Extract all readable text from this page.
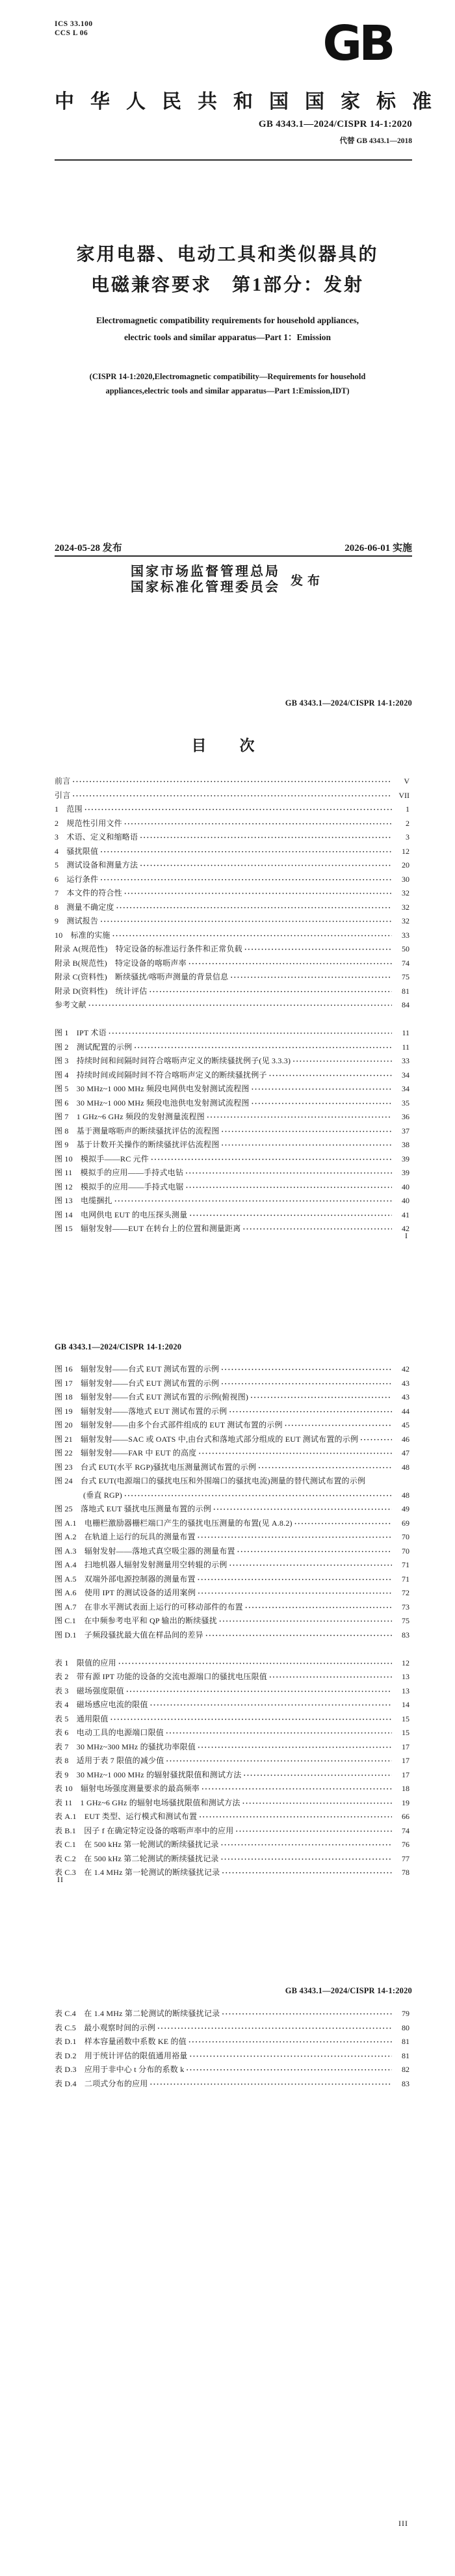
ICS 33.100
CCS L 06	GB
中华人民共和国国家标准
GB 4343.1—2024/CISPR 14-1:2020
代替 GB 4343.1—2018
家用电器、电动工具和类似器具的
电磁兼容要求　第1部分：发射
Electromagnetic compatibility requirements for household appliances,
electric tools and similar apparatus—Part 1：Emission
(CISPR 14-1:2020,Electromagnetic compatibility—Requirements for household
appliances,electric tools and similar apparatus—Part 1:Emission,IDT)
2024-05-28 发布	2026-06-01 实施
国家市场监督管理总局
国家标准化管理委员会 发布
GB 4343.1—2024/CISPR 14-1:2020
目　次
前言 ·····	V
引言 ·····	VII
1　范围 ·····	1
2　规范性引用文件 ·····	2
3　术语、定义和缩略语 ·····	3
4　骚扰限值 ·····	12
5　测试设备和测量方法 ·····	20
6　运行条件 ·····	30
7　本文件的符合性 ·····	32
8　测量不确定度 ·····	32
9　测试报告 ·····	32
10　标准的实施 ·····	33
附录 A(规范性)　特定设备的标准运行条件和正常负载 ·····	50
附录 B(规范性)　特定设备的喀呖声率 ·····	74
附录 C(资料性)　断续骚扰/喀呖声测量的背景信息 ·····	75
附录 D(资料性)　统计评估 ·····	81
参考文献 ·····	84
图 1　IPT 术语 ·····	11
图 2　测试配置的示例 ·····	11
图 3　持续时间和间隔时间符合喀呖声定义的断续骚扰例子(见 3.3.3) ·····	33
图 4　持续时间或间隔时间不符合喀呖声定义的断续骚扰例子 ·····	34
图 5　30 MHz~1 000 MHz 频段电网供电发射测试流程图 ·····	34
图 6　30 MHz~1 000 MHz 频段电池供电发射测试流程图 ·····	35
图 7　1 GHz~6 GHz 频段的发射测量流程图 ·····	36
图 8　基于测量喀呖声的断续骚扰评估的流程图 ·····	37
图 9　基于计数开关操作的断续骚扰评估流程图 ·····	38
图 10　模拟手——RC 元件 ·····	39
图 11　模拟手的应用——手持式电钻 ·····	39
图 12　模拟手的应用——手持式电锯 ·····	40
图 13　电缆捆扎 ·····	40
图 14　电网供电 EUT 的电压探头测量 ·····	41
图 15　辐射发射——EUT 在转台上的位置和测量距离 ·····	42
I
GB 4343.1—2024/CISPR 14-1:2020
图 16　辐射发射——台式 EUT 测试布置的示例 ·····	42
图 17　辐射发射——台式 EUT 测试布置的示例 ·····	43
图 18　辐射发射——台式 EUT 测试布置的示例(俯视图) ·····	43
图 19　辐射发射——落地式 EUT 测试布置的示例 ·····	44
图 20　辐射发射——由多个台式部件组成的 EUT 测试布置的示例 ·····	45
图 21　辐射发射——SAC 或 OATS 中,由台式和落地式部分组成的 EUT 测试布置的示例 ·····	46
图 22　辐射发射——FAR 中 EUT 的高度 ·····	47
图 23　台式 EUT(水平 RGP)骚扰电压测量测试布置的示例 ·····	48
图 24　台式 EUT(电源端口的骚扰电压和外围端口的骚扰电流)测量的替代测试布置的示例
(垂直 RGP) ·····	48
图 25　落地式 EUT 骚扰电压测量布置的示例 ·····	49
图 A.1　电栅栏激励器栅栏端口产生的骚扰电压测量的布置(见 A.8.2) ·····	69
图 A.2　在轨道上运行的玩具的测量布置 ·····	70
图 A.3　辐射发射——落地式真空吸尘器的测量布置 ·····	70
图 A.4　扫地机器人辐射发射测量用空转辊的示例 ·····	71
图 A.5　双端外部电源控制器的测量布置 ·····	71
图 A.6　使用 IPT 的测试设备的适用案例 ·····	72
图 A.7　在非水平测试表面上运行的可移动部件的布置 ·····	73
图 C.1　在中频参考电平和 QP 输出的断续骚扰 ·····	75
图 D.1　子频段骚扰最大值在样品间的差异 ·····	83
表 1　限值的应用 ·····	12
表 2　带有源 IPT 功能的设备的交流电源端口的骚扰电压限值 ·····	13
表 3　磁场强度限值 ·····	13
表 4　磁场感应电流的限值 ·····	14
表 5　通用限值 ·····	15
表 6　电动工具的电源端口限值 ·····	15
表 7　30 MHz~300 MHz 的骚扰功率限值 ·····	17
表 8　适用于表 7 限值的减少值 ·····	17
表 9　30 MHz~1 000 MHz 的辐射骚扰限值和测试方法 ·····	17
表 10　辐射电场强度测量要求的最高频率 ·····	18
表 11　1 GHz~6 GHz 的辐射电场骚扰限值和测试方法 ·····	19
表 A.1　EUT 类型、运行模式和测试布置 ·····	66
表 B.1　因子 f 在确定特定设备的喀呖声率中的应用 ·····	74
表 C.1　在 500 kHz 第一轮测试的断续骚扰记录 ·····	76
表 C.2　在 500 kHz 第二轮测试的断续骚扰记录 ·····	77
表 C.3　在 1.4 MHz 第一轮测试的断续骚扰记录 ·····	78
II
GB 4343.1—2024/CISPR 14-1:2020
表 C.4　在 1.4 MHz 第二轮测试的断续骚扰记录 ·····	79
表 C.5　最小观察时间的示例 ·····	80
表 D.1　样本容量函数中系数 KE 的值 ·····	81
表 D.2　用于统计评估的限值通用裕量 ·····	81
表 D.3　应用于非中心 t 分布的系数 k ·····	82
表 D.4　二项式分布的应用 ·····	83
III
